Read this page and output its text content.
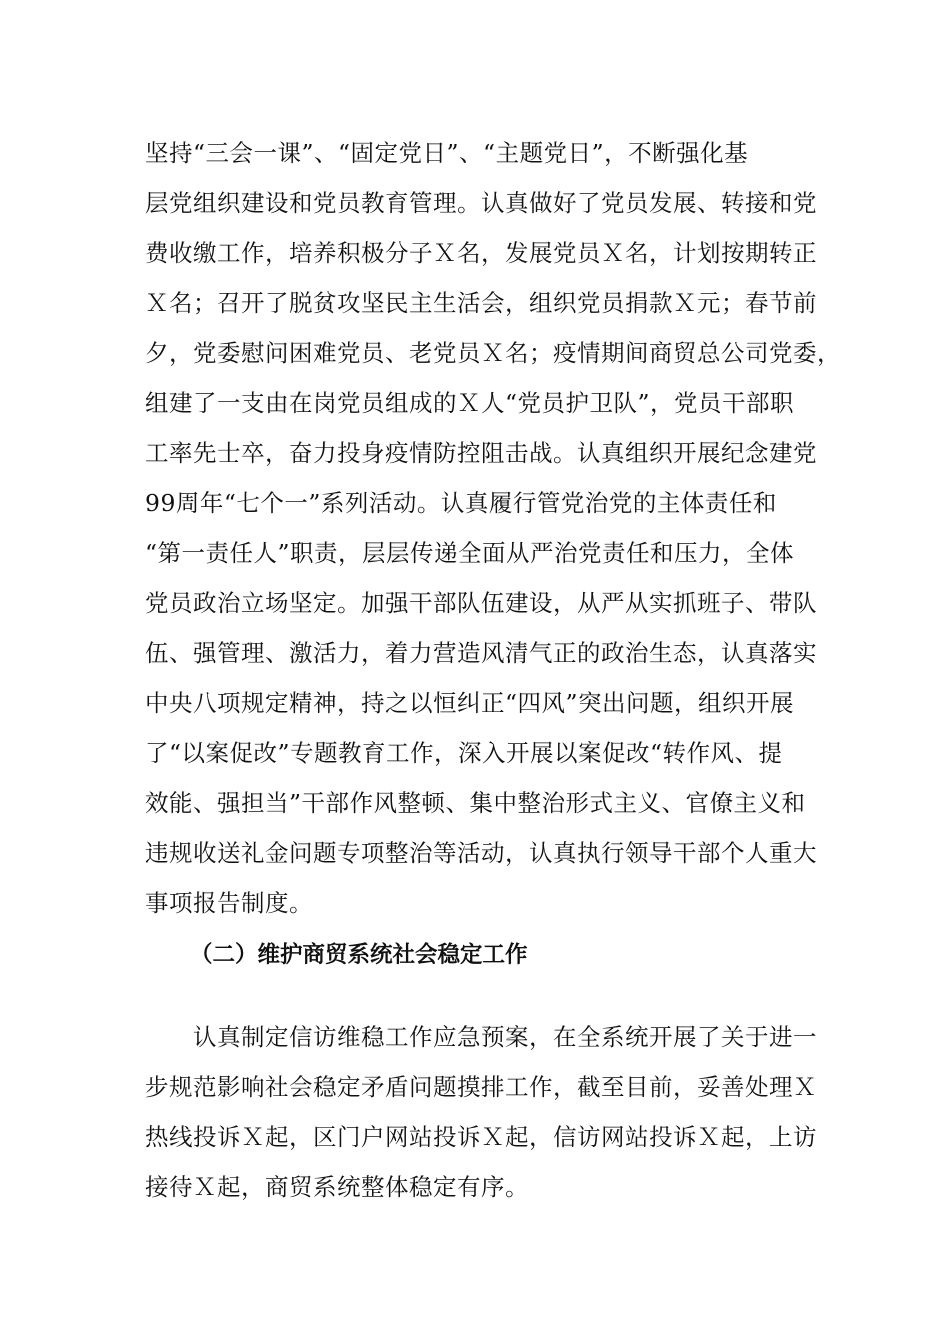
坚持“三会一课”、“固定党日”、“主题党日”，不断强化基
层党组织建设和党员教育管理。认真做好了党员发展、转接和党
费收缴工作，培养积极分子Ｘ名，发展党员Ｘ名，计划按期转正
Ｘ名；召开了脱贫攻坚民主生活会，组织党员捐款Ｘ元；春节前
夕，党委慰问困难党员、老党员Ｘ名；疫情期间商贸总公司党委，
组建了一支由在岗党员组成的Ｘ人“党员护卫队”，党员干部职
工率先士卒，奋力投身疫情防控阻击战。认真组织开展纪念建党
99周年“七个一”系列活动。认真履行管党治党的主体责任和
“第一责任人”职责，层层传递全面从严治党责任和压力，全体
党员政治立场坚定。加强干部队伍建设，从严从实抓班子、带队
伍、强管理、激活力，着力营造风清气正的政治生态，认真落实
中央八项规定精神，持之以恒纠正“四风”突出问题，组织开展
了“以案促改”专题教育工作，深入开展以案促改“转作风、提
效能、强担当”干部作风整顿、集中整治形式主义、官僚主义和
违规收送礼金问题专项整治等活动，认真执行领导干部个人重大
事项报告制度。
（二）维护商贸系统社会稳定工作
　　认真制定信访维稳工作应急预案，在全系统开展了关于进一
步规范影响社会稳定矛盾问题摸排工作，截至目前，妥善处理Ｘ
热线投诉Ｘ起，区门户网站投诉Ｘ起，信访网站投诉Ｘ起，上访
接待Ｘ起，商贸系统整体稳定有序。
